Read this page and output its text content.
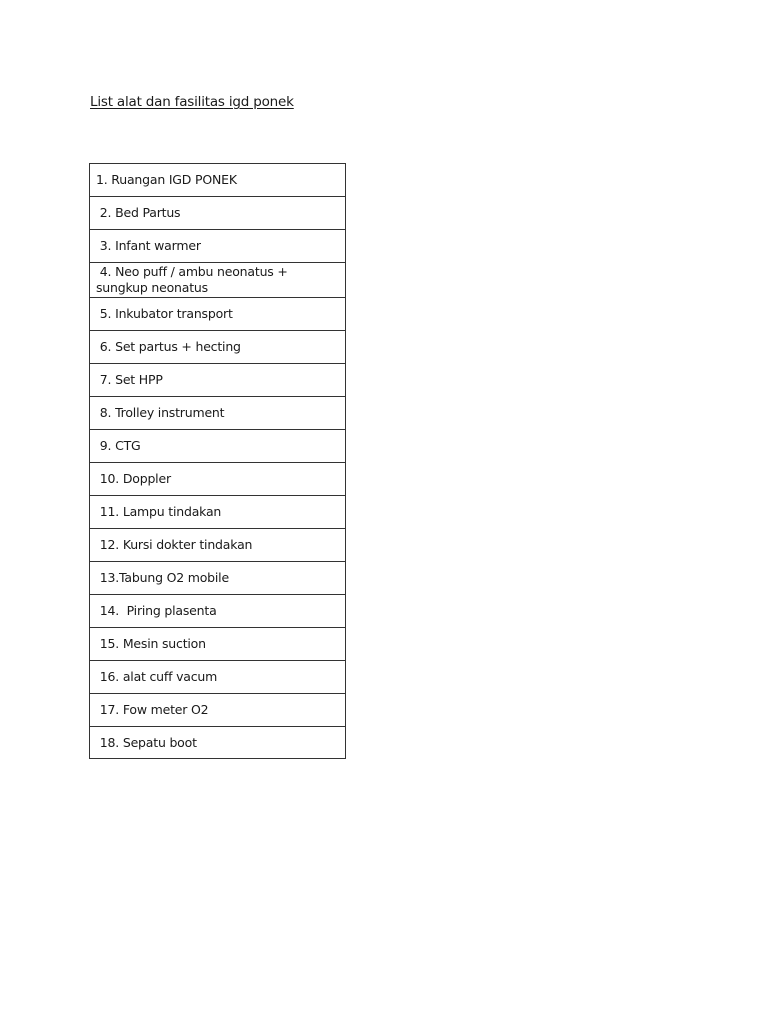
List alat dan fasilitas igd ponek
1. Ruangan IGD PONEK
2. Bed Partus
3. Infant warmer
4. Neo puff / ambu neonatus + sungkup neonatus
5. Inkubator transport
6. Set partus + hecting
7. Set HPP
8. Trolley instrument
9. CTG
10. Doppler
11. Lampu tindakan
12. Kursi dokter tindakan
13.Tabung O2 mobile
14.  Piring plasenta
15. Mesin suction
16. alat cuff vacum
17. Fow meter O2
18. Sepatu boot
